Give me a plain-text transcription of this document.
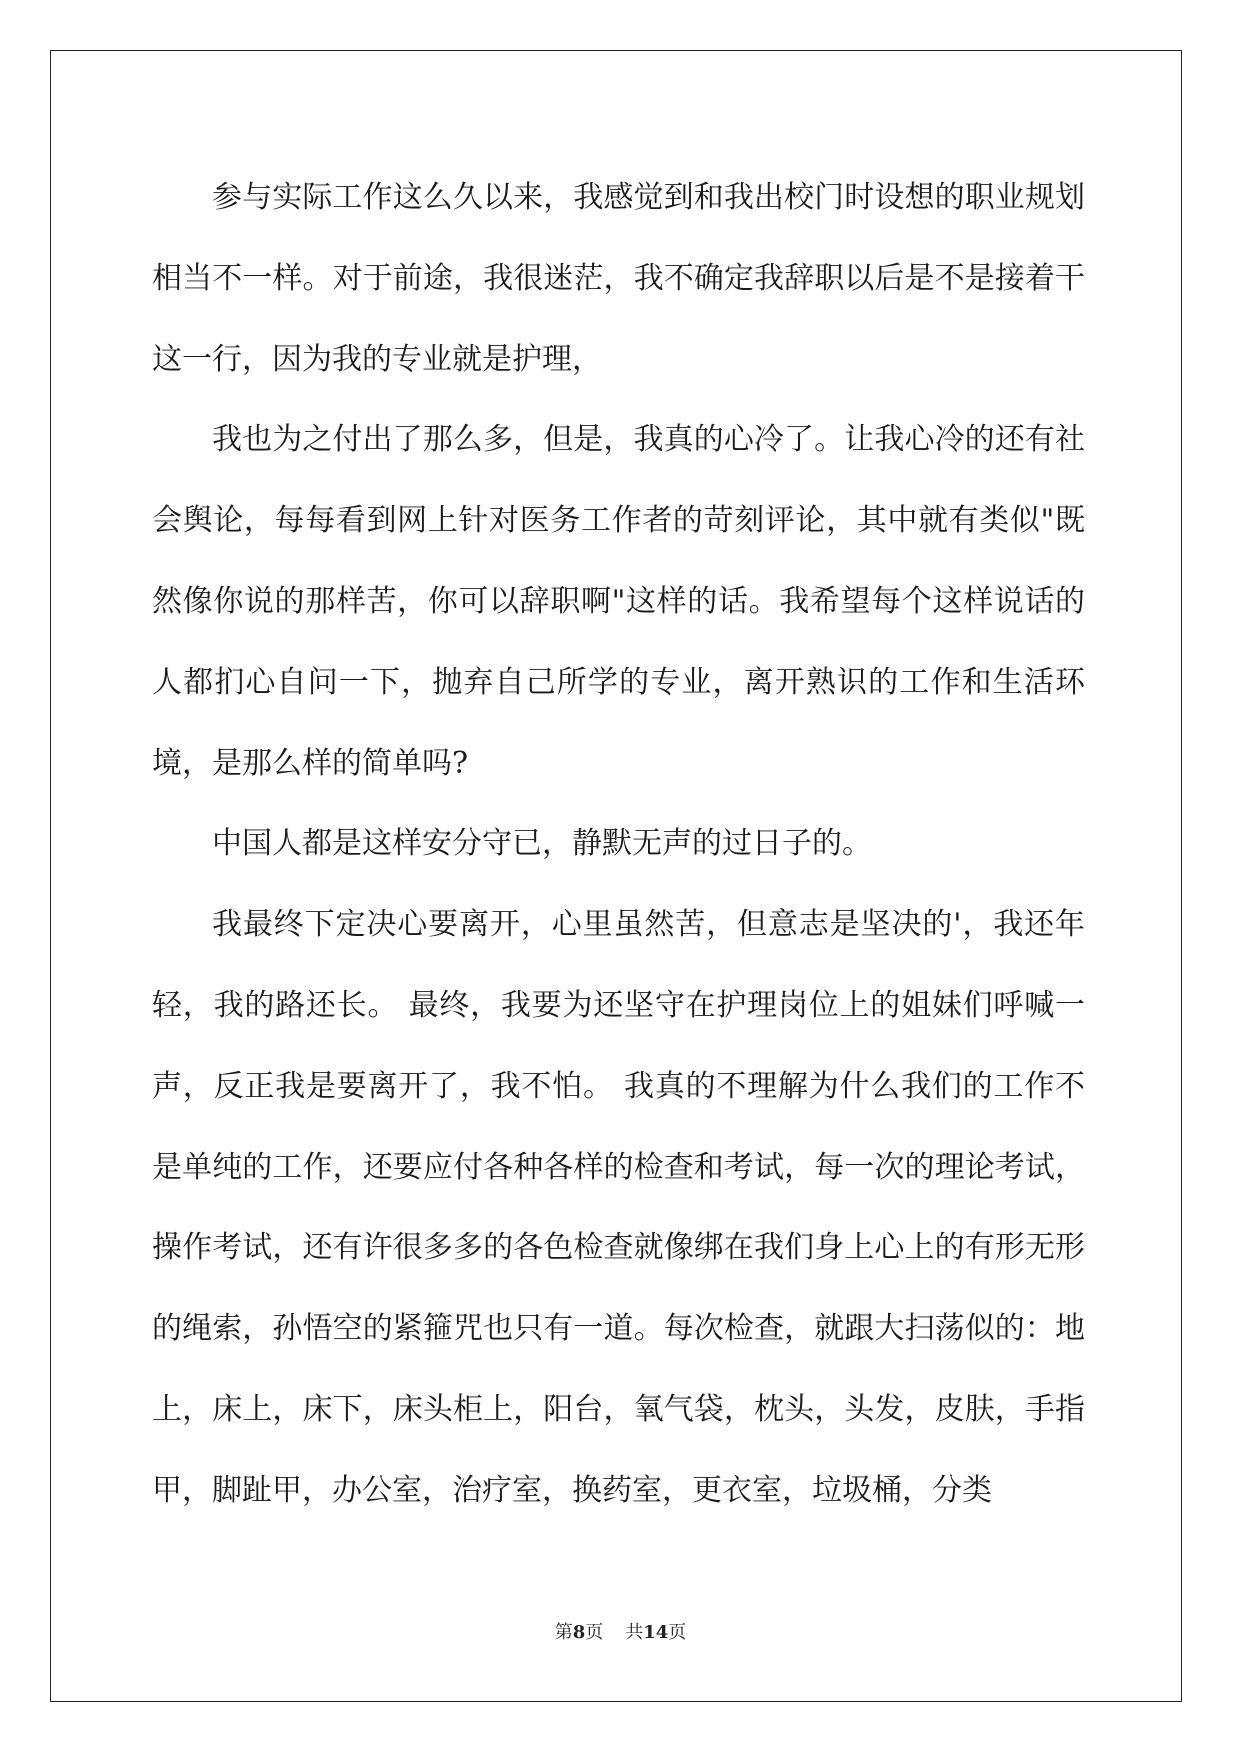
参与实际工作这么久以来，我感觉到和我出校门时设想的职业规划相当不一样。对于前途，我很迷茫，我不确定我辞职以后是不是接着干这一行，因为我的专业就是护理，

我也为之付出了那么多，但是，我真的心冷了。让我心冷的还有社会舆论，每每看到网上针对医务工作者的苛刻评论，其中就有类似"既然像你说的那样苦，你可以辞职啊"这样的话。我希望每个这样说话的人都扪心自问一下，抛弃自己所学的专业，离开熟识的工作和生活环境，是那么样的简单吗?

中国人都是这样安分守已，静默无声的过日子的。

我最终下定决心要离开，心里虽然苦，但意志是坚决的'，我还年轻，我的路还长。 最终，我要为还坚守在护理岗位上的姐妹们呼喊一声，反正我是要离开了，我不怕。 我真的不理解为什么我们的工作不是单纯的工作，还要应付各种各样的检查和考试，每一次的理论考试，操作考试，还有许很多多的各色检查就像绑在我们身上心上的有形无形的绳索，孙悟空的紧箍咒也只有一道。每次检查，就跟大扫荡似的：地上，床上，床下，床头柜上，阳台，氧气袋，枕头，头发，皮肤，手指甲，脚趾甲，办公室，治疗室，换药室，更衣室，垃圾桶，分类

第8页 共14页
